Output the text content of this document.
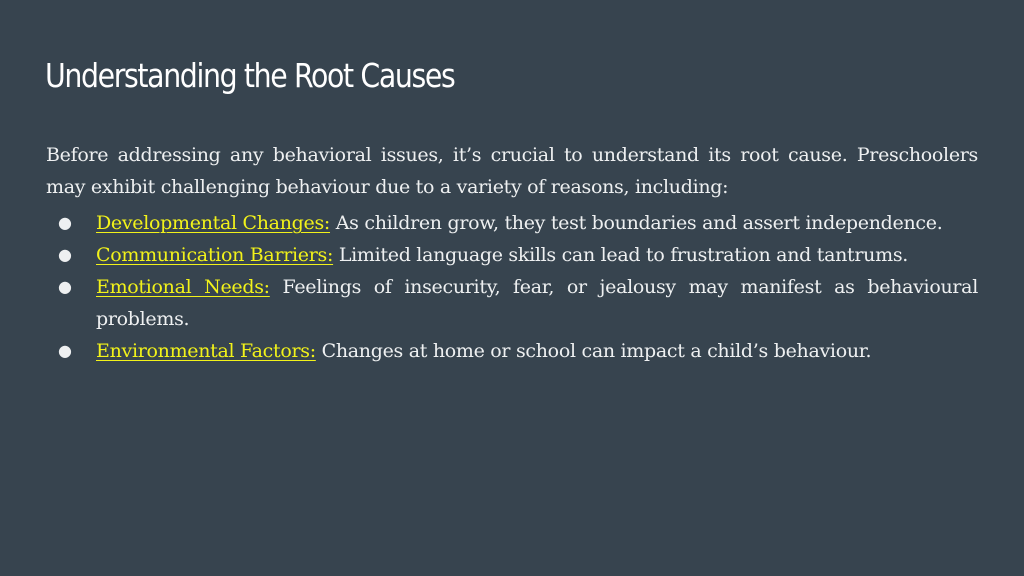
Understanding the Root Causes

Before addressing any behavioral issues, it’s crucial to understand its root cause. Preschoolers may exhibit challenging behaviour due to a variety of reasons, including:

● Developmental Changes: As children grow, they test boundaries and assert independence.
● Communication Barriers: Limited language skills can lead to frustration and tantrums.
● Emotional Needs: Feelings of insecurity, fear, or jealousy may manifest as behavioural problems.
● Environmental Factors: Changes at home or school can impact a child’s behaviour.
